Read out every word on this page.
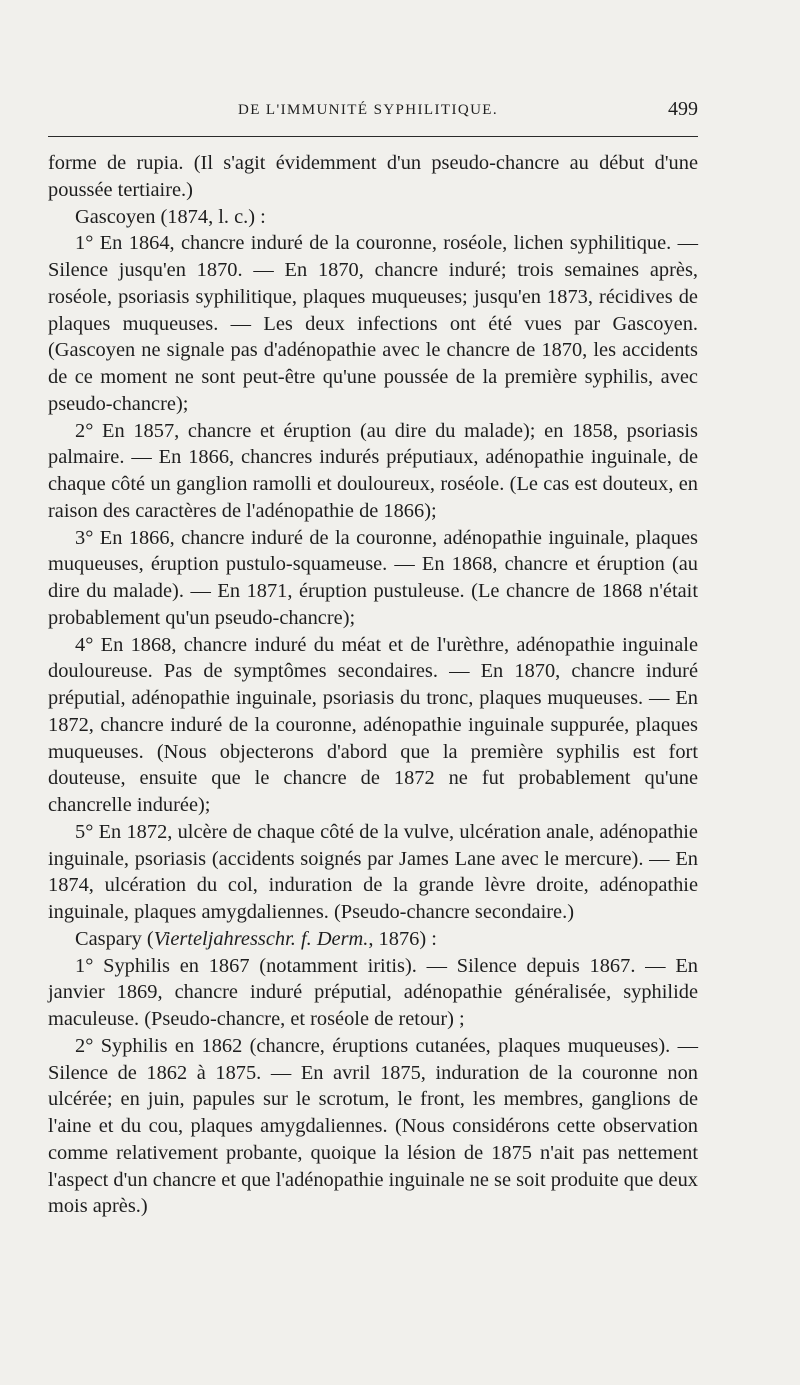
DE L'IMMUNITÉ SYPHILITIQUE.	499

forme de rupia. (Il s'agit évidemment d'un pseudo-chancre au début d'une poussée tertiaire.)

Gascoyen (1874, l. c.) :

1° En 1864, chancre induré de la couronne, roséole, lichen syphilitique. — Silence jusqu'en 1870. — En 1870, chancre induré; trois semaines après, roséole, psoriasis syphilitique, plaques muqueuses; jusqu'en 1873, récidives de plaques muqueuses. — Les deux infections ont été vues par Gascoyen. (Gascoyen ne signale pas d'adénopathie avec le chancre de 1870, les accidents de ce moment ne sont peut-être qu'une poussée de la première syphilis, avec pseudo-chancre);

2° En 1857, chancre et éruption (au dire du malade); en 1858, psoriasis palmaire. — En 1866, chancres indurés préputiaux, adénopathie inguinale, de chaque côté un ganglion ramolli et douloureux, roséole. (Le cas est douteux, en raison des caractères de l'adénopathie de 1866);

3° En 1866, chancre induré de la couronne, adénopathie inguinale, plaques muqueuses, éruption pustulo-squameuse. — En 1868, chancre et éruption (au dire du malade). — En 1871, éruption pustuleuse. (Le chancre de 1868 n'était probablement qu'un pseudo-chancre);

4° En 1868, chancre induré du méat et de l'urèthre, adénopathie inguinale douloureuse. Pas de symptômes secondaires. — En 1870, chancre induré préputial, adénopathie inguinale, psoriasis du tronc, plaques muqueuses. — En 1872, chancre induré de la couronne, adénopathie inguinale suppurée, plaques muqueuses. (Nous objecterons d'abord que la première syphilis est fort douteuse, ensuite que le chancre de 1872 ne fut probablement qu'une chancrelle indurée);

5° En 1872, ulcère de chaque côté de la vulve, ulcération anale, adénopathie inguinale, psoriasis (accidents soignés par James Lane avec le mercure). — En 1874, ulcération du col, induration de la grande lèvre droite, adénopathie inguinale, plaques amygdaliennes. (Pseudo-chancre secondaire.)

Caspary (Vierteljahresschr. f. Derm., 1876) :

1° Syphilis en 1867 (notamment iritis). — Silence depuis 1867. — En janvier 1869, chancre induré préputial, adénopathie généralisée, syphilide maculeuse. (Pseudo-chancre, et roséole de retour) ;

2° Syphilis en 1862 (chancre, éruptions cutanées, plaques muqueuses). — Silence de 1862 à 1875. — En avril 1875, induration de la couronne non ulcérée; en juin, papules sur le scrotum, le front, les membres, ganglions de l'aine et du cou, plaques amygdaliennes. (Nous considérons cette observation comme relativement probante, quoique la lésion de 1875 n'ait pas nettement l'aspect d'un chancre et que l'adénopathie inguinale ne se soit produite que deux mois après.)
